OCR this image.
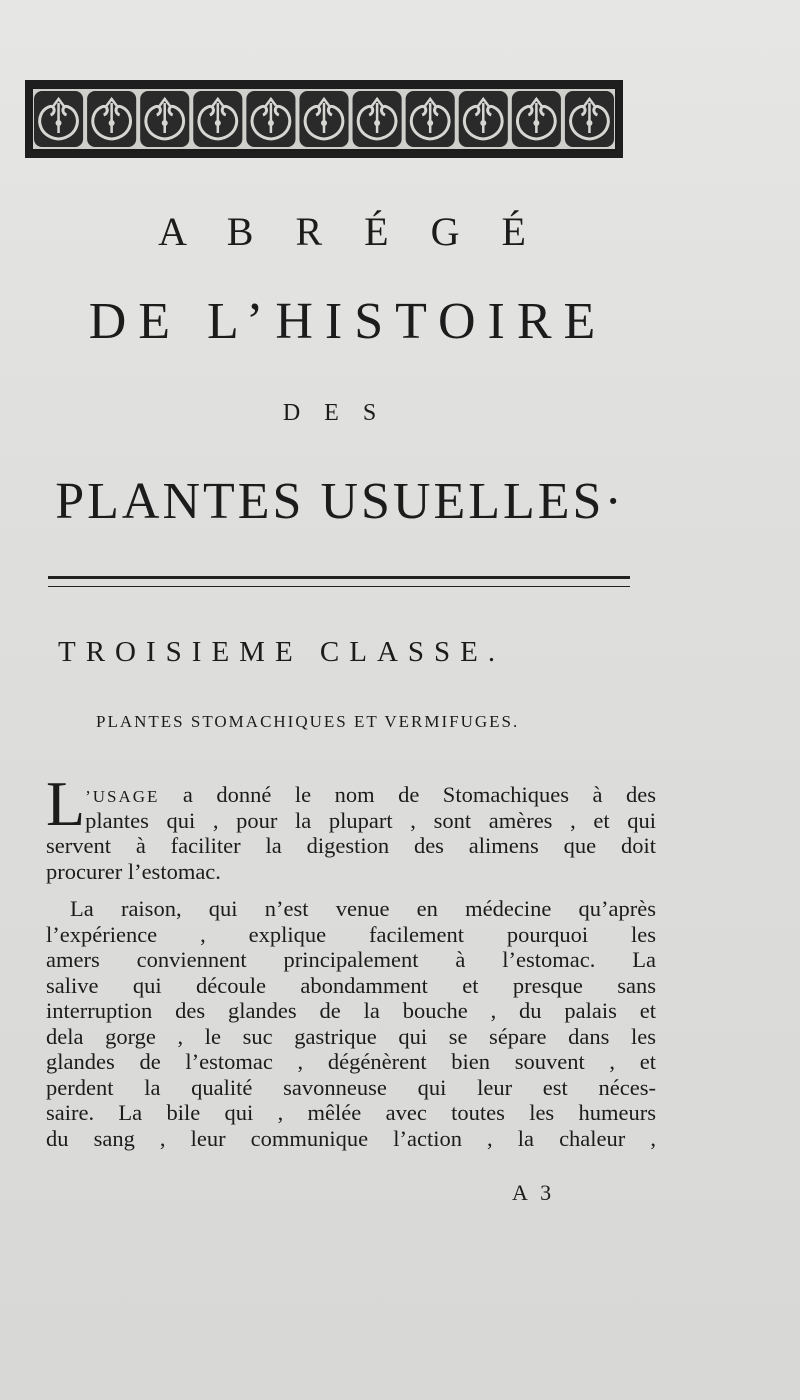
A B R É G É
DE L’HISTOIRE
D E S
PLANTES USUELLES·
TROISIEME CLASSE.
PLANTES STOMACHIQUES ET VERMIFUGES.
L ’USAGE a donné le nom de Stomachiques à des
plantes qui , pour la plupart , sont amères , et qui
servent à faciliter la digestion des alimens que doit
procurer l’estomac.
La raison, qui n’est venue en médecine qu’après
l’expérience , explique facilement pourquoi les
amers conviennent principalement à l’estomac. La
salive qui découle abondamment et presque sans
interruption des glandes de la bouche , du palais et
dela gorge , le suc gastrique qui se sépare dans les
glandes de l’estomac , dégénèrent bien souvent , et
perdent la qualité savonneuse qui leur est néces-
saire. La bile qui , mêlée avec toutes les humeurs
du sang , leur communique l’action , la chaleur ,
A 3
